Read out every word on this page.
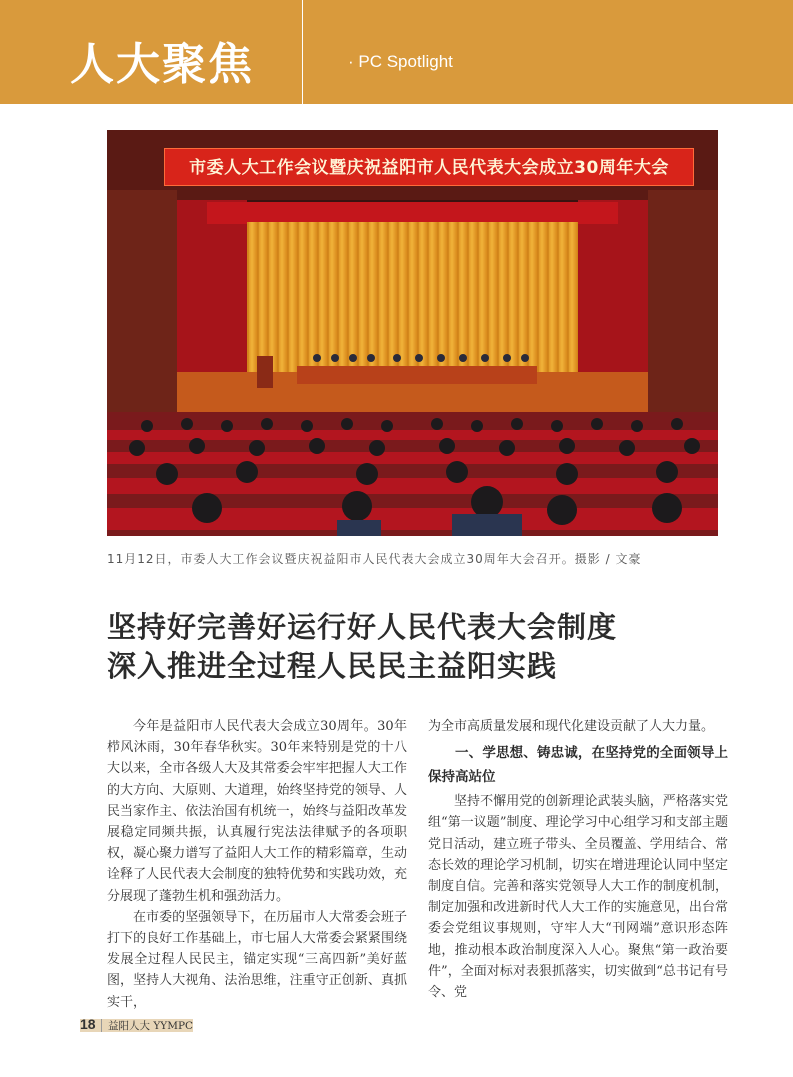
人大聚焦	· PC Spotlight
市委人大工作会议暨庆祝益阳市人民代表大会成立30周年大会
11月12日，市委人大工作会议暨庆祝益阳市人民代表大会成立30周年大会召开。摄影 / 文豪
坚持好完善好运行好人民代表大会制度
深入推进全过程人民民主益阳实践

今年是益阳市人民代表大会成立30周年。30年栉风沐雨，30年春华秋实。30年来特别是党的十八大以来，全市各级人大及其常委会牢牢把握人大工作的大方向、大原则、大道理，始终坚持党的领导、人民当家作主、依法治国有机统一，始终与益阳改革发展稳定同频共振，认真履行宪法法律赋予的各项职权，凝心聚力谱写了益阳人大工作的精彩篇章，生动诠释了人民代表大会制度的独特优势和实践功效，充分展现了蓬勃生机和强劲活力。

在市委的坚强领导下，在历届市人大常委会班子打下的良好工作基础上，市七届人大常委会紧紧围绕发展全过程人民民主，锚定实现“三高四新”美好蓝图，坚持人大视角、法治思维，注重守正创新、真抓实干，

为全市高质量发展和现代化建设贡献了人大力量。

一、学思想、铸忠诚，在坚持党的全面领导上保持高站位

坚持不懈用党的创新理论武装头脑，严格落实党组“第一议题”制度、理论学习中心组学习和支部主题党日活动，建立班子带头、全员覆盖、学用结合、常态长效的理论学习机制，切实在增进理论认同中坚定制度自信。完善和落实党领导人大工作的制度机制，制定加强和改进新时代人大工作的实施意见，出台常委会党组议事规则，守牢人大“刊网端”意识形态阵地，推动根本政治制度深入人心。聚焦“第一政治要件”，全面对标对表狠抓落实，切实做到“总书记有号令、党

18 益阳人大 YYMPC
